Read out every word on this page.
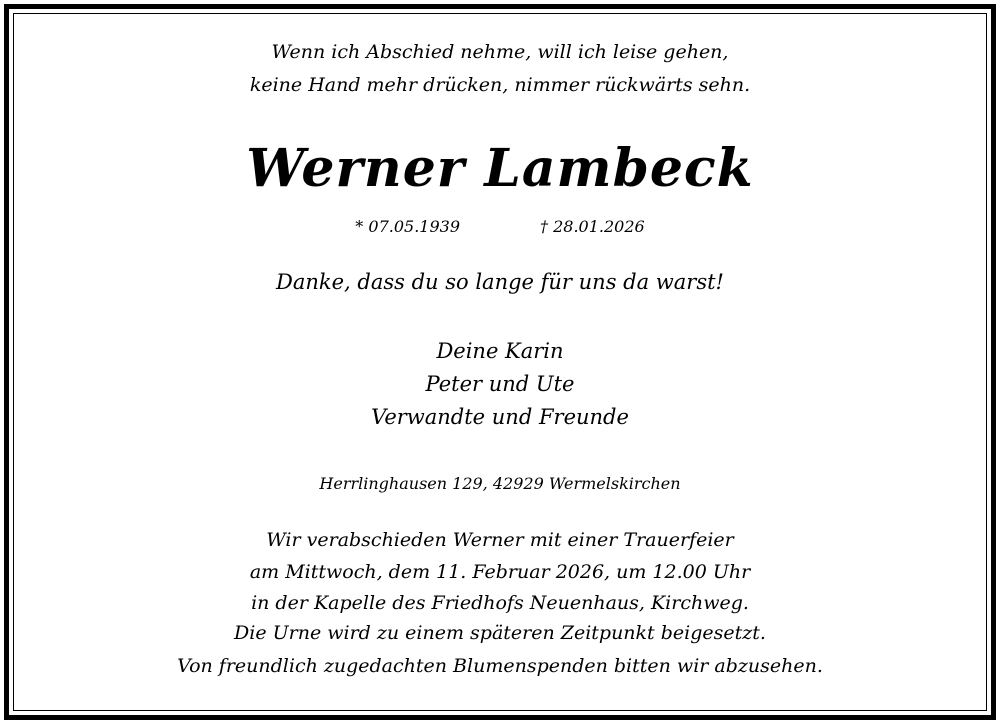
Wenn ich Abschied nehme, will ich leise gehen,
keine Hand mehr drücken, nimmer rückwärts sehn.
Werner Lambeck
* 07.05.1939	† 28.01.2026
Danke, dass du so lange für uns da warst!
Deine Karin
Peter und Ute
Verwandte und Freunde
Herrlinghausen 129, 42929 Wermelskirchen
Wir verabschieden Werner mit einer Trauerfeier
am Mittwoch, dem 11. Februar 2026, um 12.00 Uhr
in der Kapelle des Friedhofs Neuenhaus, Kirchweg.
Die Urne wird zu einem späteren Zeitpunkt beigesetzt.
Von freundlich zugedachten Blumenspenden bitten wir abzusehen.
